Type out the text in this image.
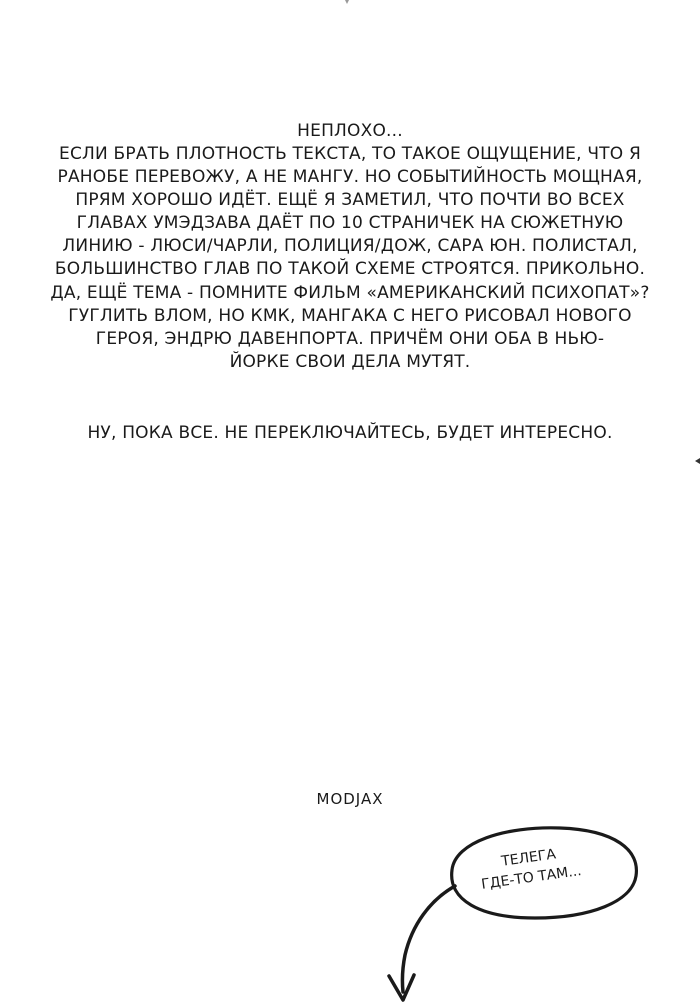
НЕПЛОХО...
ЕСЛИ БРАТЬ ПЛОТНОСТЬ ТЕКСТА, ТО ТАКОЕ ОЩУЩЕНИЕ, ЧТО Я
РАНОБЕ ПЕРЕВОЖУ, А НЕ МАНГУ. НО СОБЫТИЙНОСТЬ МОЩНАЯ,
ПРЯМ ХОРОШО ИДЁТ. ЕЩЁ Я ЗАМЕТИЛ, ЧТО ПОЧТИ ВО ВСЕХ
ГЛАВАХ УМЭДЗАВА ДАЁТ ПО 10 СТРАНИЧЕК НА СЮЖЕТНУЮ
ЛИНИЮ - ЛЮСИ/ЧАРЛИ, ПОЛИЦИЯ/ДОЖ, САРА ЮН. ПОЛИСТАЛ,
БОЛЬШИНСТВО ГЛАВ ПО ТАКОЙ СХЕМЕ СТРОЯТСЯ. ПРИКОЛЬНО.
ДА, ЕЩЁ ТЕМА - ПОМНИТЕ ФИЛЬМ «АМЕРИКАНСКИЙ ПСИХОПАТ»?
ГУГЛИТЬ ВЛОМ, НО КМК, МАНГАКА С НЕГО РИСОВАЛ НОВОГО
ГЕРОЯ, ЭНДРЮ ДАВЕНПОРТА. ПРИЧЁМ ОНИ ОБА В НЬЮ-
ЙОРКЕ СВОИ ДЕЛА МУТЯТ.
НУ, ПОКА ВСЕ. НЕ ПЕРЕКЛЮЧАЙТЕСЬ, БУДЕТ ИНТЕРЕСНО.
MODJAX
ТЕЛЕГА
ГДЕ-ТО ТАМ...
